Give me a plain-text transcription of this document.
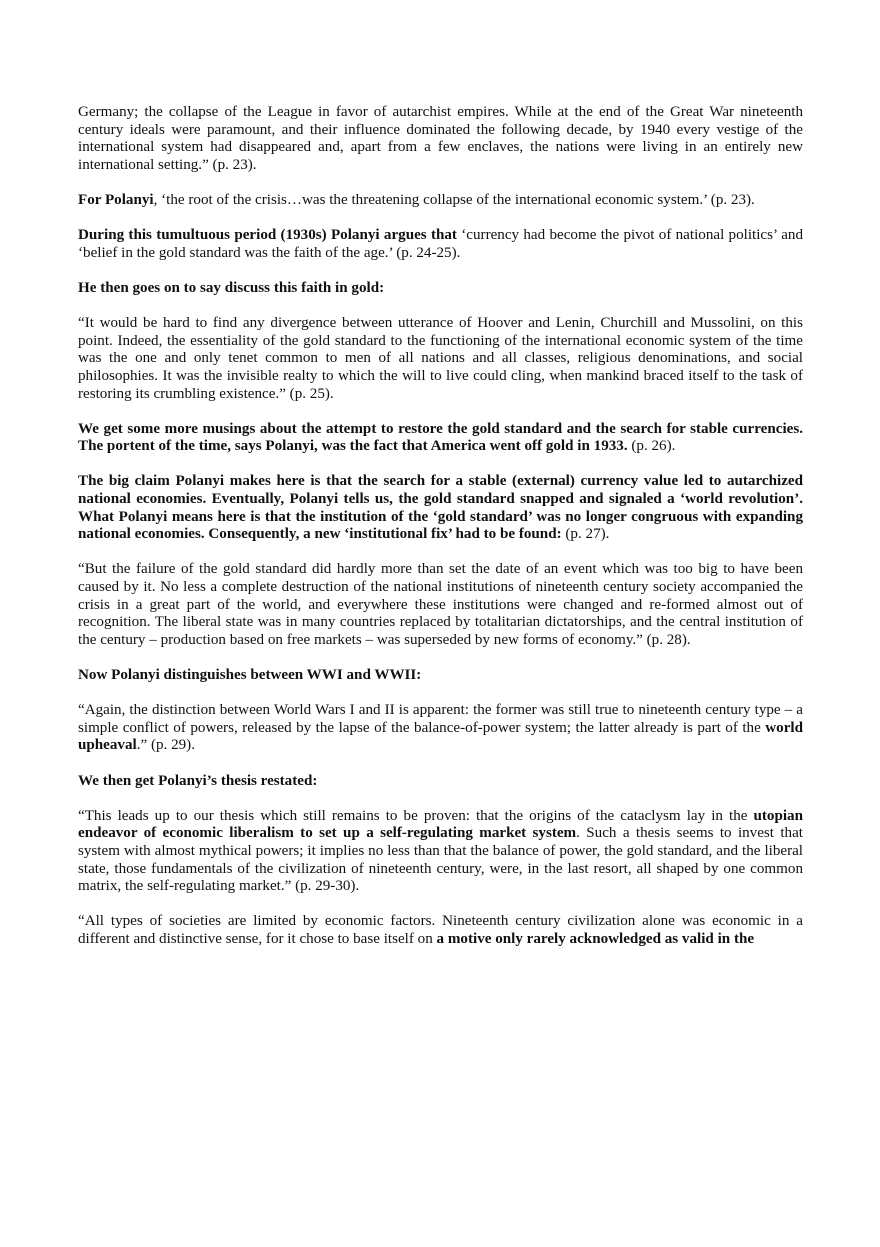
Germany; the collapse of the League in favor of autarchist empires. While at the end of the Great War nineteenth century ideals were paramount, and their influence dominated the following decade, by 1940 every vestige of the international system had disappeared and, apart from a few enclaves, the nations were living in an entirely new international setting.” (p. 23).

For Polanyi, ‘the root of the crisis…was the threatening collapse of the international economic system.’ (p. 23).

During this tumultuous period (1930s) Polanyi argues that ‘currency had become the pivot of national politics’ and ‘belief in the gold standard was the faith of the age.’ (p. 24-25).

He then goes on to say discuss this faith in gold:

“It would be hard to find any divergence between utterance of Hoover and Lenin, Churchill and Mussolini, on this point. Indeed, the essentiality of the gold standard to the functioning of the international economic system of the time was the one and only tenet common to men of all nations and all classes, religious denominations, and social philosophies. It was the invisible realty to which the will to live could cling, when mankind braced itself to the task of restoring its crumbling existence.” (p. 25).

We get some more musings about the attempt to restore the gold standard and the search for stable currencies. The portent of the time, says Polanyi, was the fact that America went off gold in 1933. (p. 26).

The big claim Polanyi makes here is that the search for a stable (external) currency value led to autarchized national economies. Eventually, Polanyi tells us, the gold standard snapped and signaled a ‘world revolution’. What Polanyi means here is that the institution of the ‘gold standard’ was no longer congruous with expanding national economies. Consequently, a new ‘institutional fix’ had to be found: (p. 27).

“But the failure of the gold standard did hardly more than set the date of an event which was too big to have been caused by it. No less a complete destruction of the national institutions of nineteenth century society accompanied the crisis in a great part of the world, and everywhere these institutions were changed and re-formed almost out of recognition. The liberal state was in many countries replaced by totalitarian dictatorships, and the central institution of the century – production based on free markets – was superseded by new forms of economy.” (p. 28).

Now Polanyi distinguishes between WWI and WWII:

“Again, the distinction between World Wars I and II is apparent: the former was still true to nineteenth century type – a simple conflict of powers, released by the lapse of the balance-of-power system; the latter already is part of the world upheaval.” (p. 29).

We then get Polanyi’s thesis restated:

“This leads up to our thesis which still remains to be proven: that the origins of the cataclysm lay in the utopian endeavor of economic liberalism to set up a self-regulating market system. Such a thesis seems to invest that system with almost mythical powers; it implies no less than that the balance of power, the gold standard, and the liberal state, those fundamentals of the civilization of nineteenth century, were, in the last resort, all shaped by one common matrix, the self-regulating market.” (p. 29-30).

“All types of societies are limited by economic factors. Nineteenth century civilization alone was economic in a different and distinctive sense, for it chose to base itself on a motive only rarely acknowledged as valid in the
